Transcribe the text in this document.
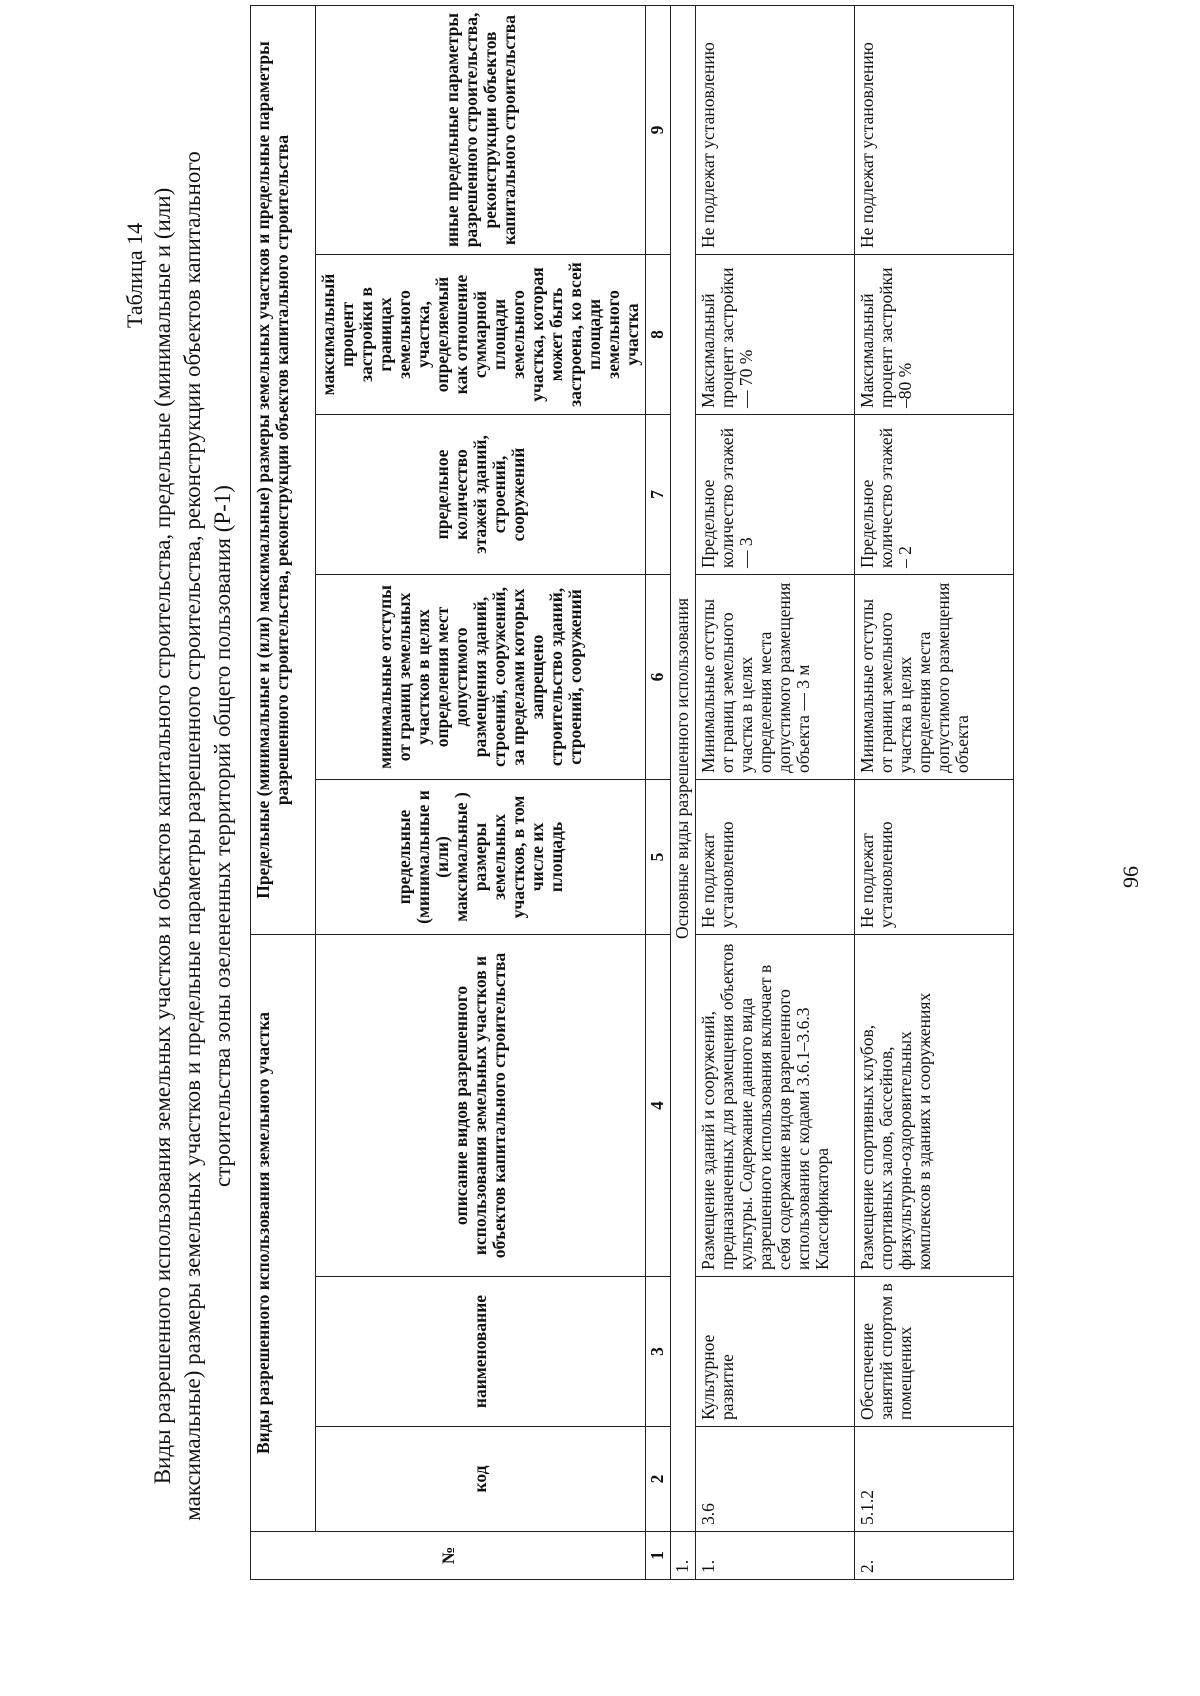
96
Таблица 14 Виды разрешенного использования земельных участков и объектов капитального строительства, предельные (минимальные и (или) максимальные) размеры земельных участков и предельные параметры разрешенного строительства, реконструкции объектов капитального строительства зоны озелененных территорий общего пользования (Р-1)
№	Виды разрешенного использования земельного участка			Предельные (минимальные и (или) максимальные) размеры земельных участков и предельные параметры разрешенного строительства, реконструкции объектов капитального строительства				
	код	наименование	описание видов разрешенного использования земельных участков и объектов капитального строительства	предельные (минимальные и (или) максимальные ) размеры земельных участков, в том числе их площадь	минимальные отступы от границ земельных участков в целях определения мест допустимого размещения зданий, строений, сооружений, за пределами которых запрещено строительство зданий, строений, сооружений	предельное количество этажей зданий, строений, сооружений	максимальный процент застройки в границах земельного участка, определяемый как отношение суммарной площади земельного участка, которая может быть застроена, ко всей площади земельного участка	иные предельные параметры разрешенного строительства, реконструкции объектов капитального строительства
1	2	3	4	5	6	7	8	9
1.	Основные виды разрешенного использования							
1.	3.6	Культурное развитие	Размещение зданий и сооружений, предназначенных для размещения объектов культуры. Содержание данного вида разрешенного использования включает в себя содержание видов разрешенного использования с кодами 3.6.1–3.6.3 Классификатора	Не подлежат установлению	Минимальные отступы от границ земельного участка в целях определения места допустимого размещения объекта — 3 м	Предельное количество этажей — 3	Максимальный процент застройки — 70 %	Не подлежат установлению
2.	5.1.2	Обеспечение занятий спортом в помещениях	Размещение спортивных клубов, спортивных залов, бассейнов, физкультурно-оздоровительных комплексов в зданиях и сооружениях	Не подлежат установлению	Минимальные отступы от границ земельного участка в целях определения места допустимого размещения объекта	Предельное количество этажей – 2	Максимальный процент застройки –80 %	Не подлежат установлению
